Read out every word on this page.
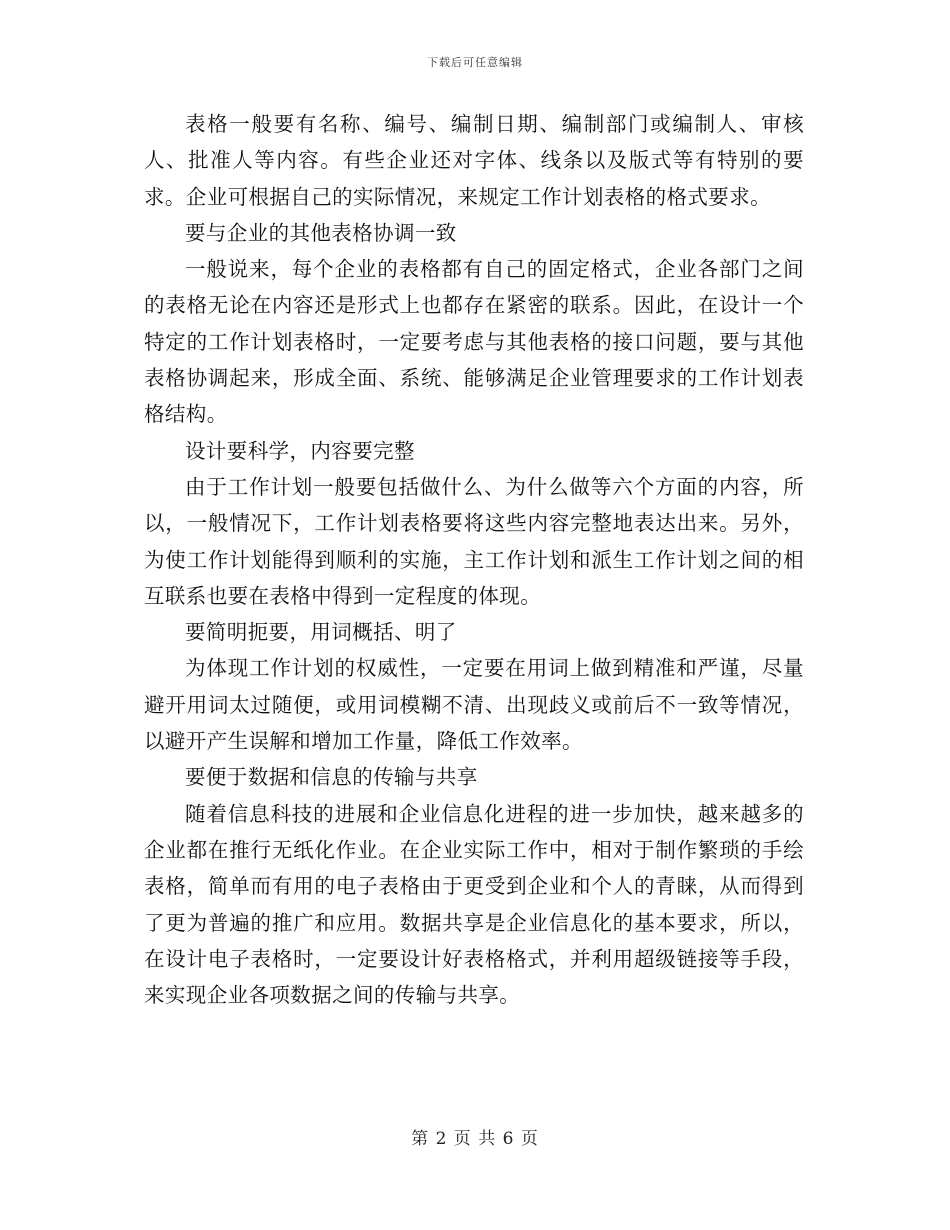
下载后可任意编辑

表格一般要有名称、编号、编制日期、编制部门或编制人、审核人、批准人等内容。有些企业还对字体、线条以及版式等有特别的要求。企业可根据自己的实际情况，来规定工作计划表格的格式要求。

要与企业的其他表格协调一致

一般说来，每个企业的表格都有自己的固定格式，企业各部门之间的表格无论在内容还是形式上也都存在紧密的联系。因此，在设计一个特定的工作计划表格时，一定要考虑与其他表格的接口问题，要与其他表格协调起来，形成全面、系统、能够满足企业管理要求的工作计划表格结构。

设计要科学，内容要完整

由于工作计划一般要包括做什么、为什么做等六个方面的内容，所以，一般情况下，工作计划表格要将这些内容完整地表达出来。另外，为使工作计划能得到顺利的实施，主工作计划和派生工作计划之间的相互联系也要在表格中得到一定程度的体现。

要简明扼要，用词概括、明了

为体现工作计划的权威性，一定要在用词上做到精准和严谨，尽量避开用词太过随便，或用词模糊不清、出现歧义或前后不一致等情况，以避开产生误解和增加工作量，降低工作效率。

要便于数据和信息的传输与共享

随着信息科技的进展和企业信息化进程的进一步加快，越来越多的企业都在推行无纸化作业。在企业实际工作中，相对于制作繁琐的手绘表格，简单而有用的电子表格由于更受到企业和个人的青睐，从而得到了更为普遍的推广和应用。数据共享是企业信息化的基本要求，所以，在设计电子表格时，一定要设计好表格格式，并利用超级链接等手段，来实现企业各项数据之间的传输与共享。

第 2 页 共 6 页
